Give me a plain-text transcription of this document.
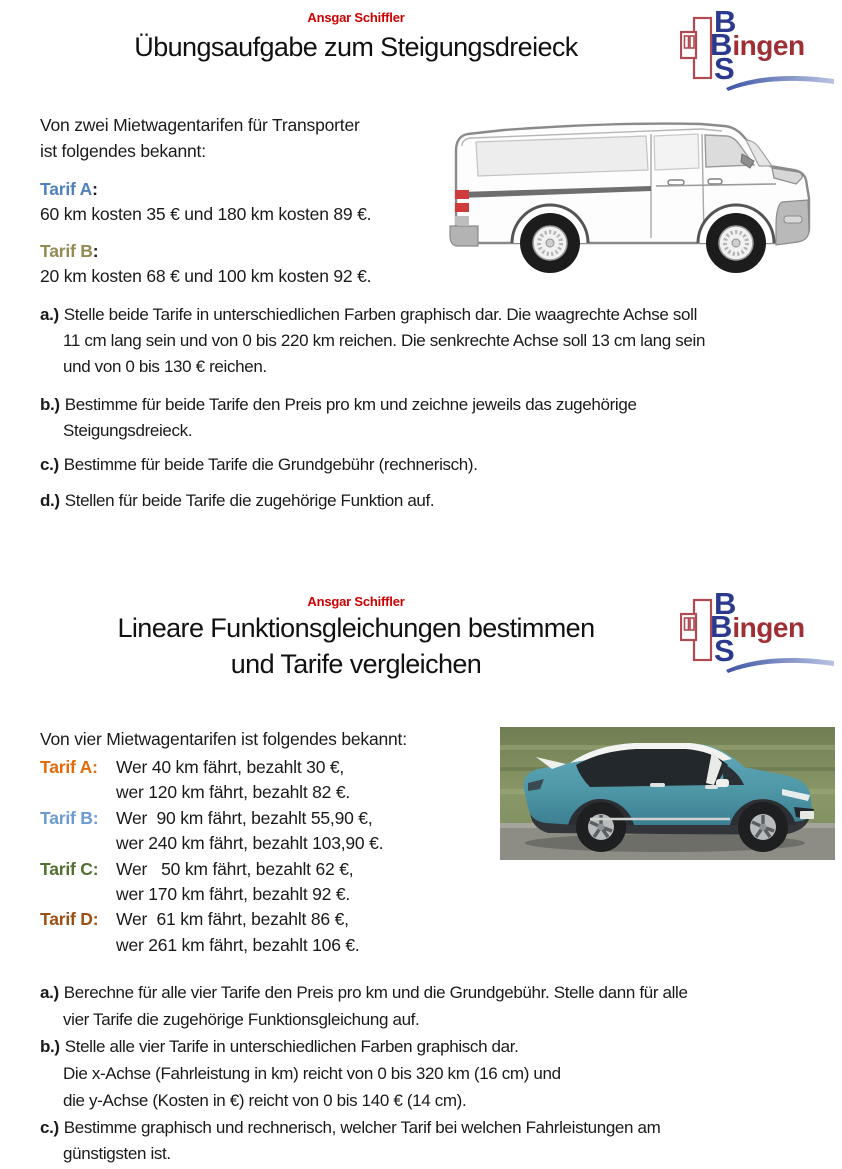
Ansgar Schiffler
Übungsaufgabe zum Steigungsdreieck
B
Bingen
S
Von zwei Mietwagentarifen für Transporter
ist folgendes bekannt:
Tarif A:
60 km kosten 35 € und 180 km kosten 89 €.
Tarif B:
20 km kosten 68 € und 100 km kosten 92 €.
a.) Stelle beide Tarife in unterschiedlichen Farben graphisch dar. Die waagrechte Achse soll
11 cm lang sein und von 0 bis 220 km reichen. Die senkrechte Achse soll 13 cm lang sein
und von 0 bis 130 € reichen.
b.) Bestimme für beide Tarife den Preis pro km und zeichne jeweils das zugehörige
Steigungsdreieck.
c.) Bestimme für beide Tarife die Grundgebühr (rechnerisch).
d.) Stellen für beide Tarife die zugehörige Funktion auf.
Ansgar Schiffler
Lineare Funktionsgleichungen bestimmen
und Tarife vergleichen
B
Bingen
S
Von vier Mietwagentarifen ist folgendes bekannt:
Tarif A:	Wer 40 km fährt, bezahlt 30 €,
wer 120 km fährt, bezahlt 82 €.
Tarif B:	Wer  90 km fährt, bezahlt 55,90 €,
wer 240 km fährt, bezahlt 103,90 €.
Tarif C:	Wer   50 km fährt, bezahlt 62 €,
wer 170 km fährt, bezahlt 92 €.
Tarif D:	Wer  61 km fährt, bezahlt 86 €,
wer 261 km fährt, bezahlt 106 €.
a.) Berechne für alle vier Tarife den Preis pro km und die Grundgebühr. Stelle dann für alle
vier Tarife die zugehörige Funktionsgleichung auf.
b.) Stelle alle vier Tarife in unterschiedlichen Farben graphisch dar.
Die x-Achse (Fahrleistung in km) reicht von 0 bis 320 km (16 cm) und
die y-Achse (Kosten in €) reicht von 0 bis 140 € (14 cm).
c.) Bestimme graphisch und rechnerisch, welcher Tarif bei welchen Fahrleistungen am
günstigsten ist.
